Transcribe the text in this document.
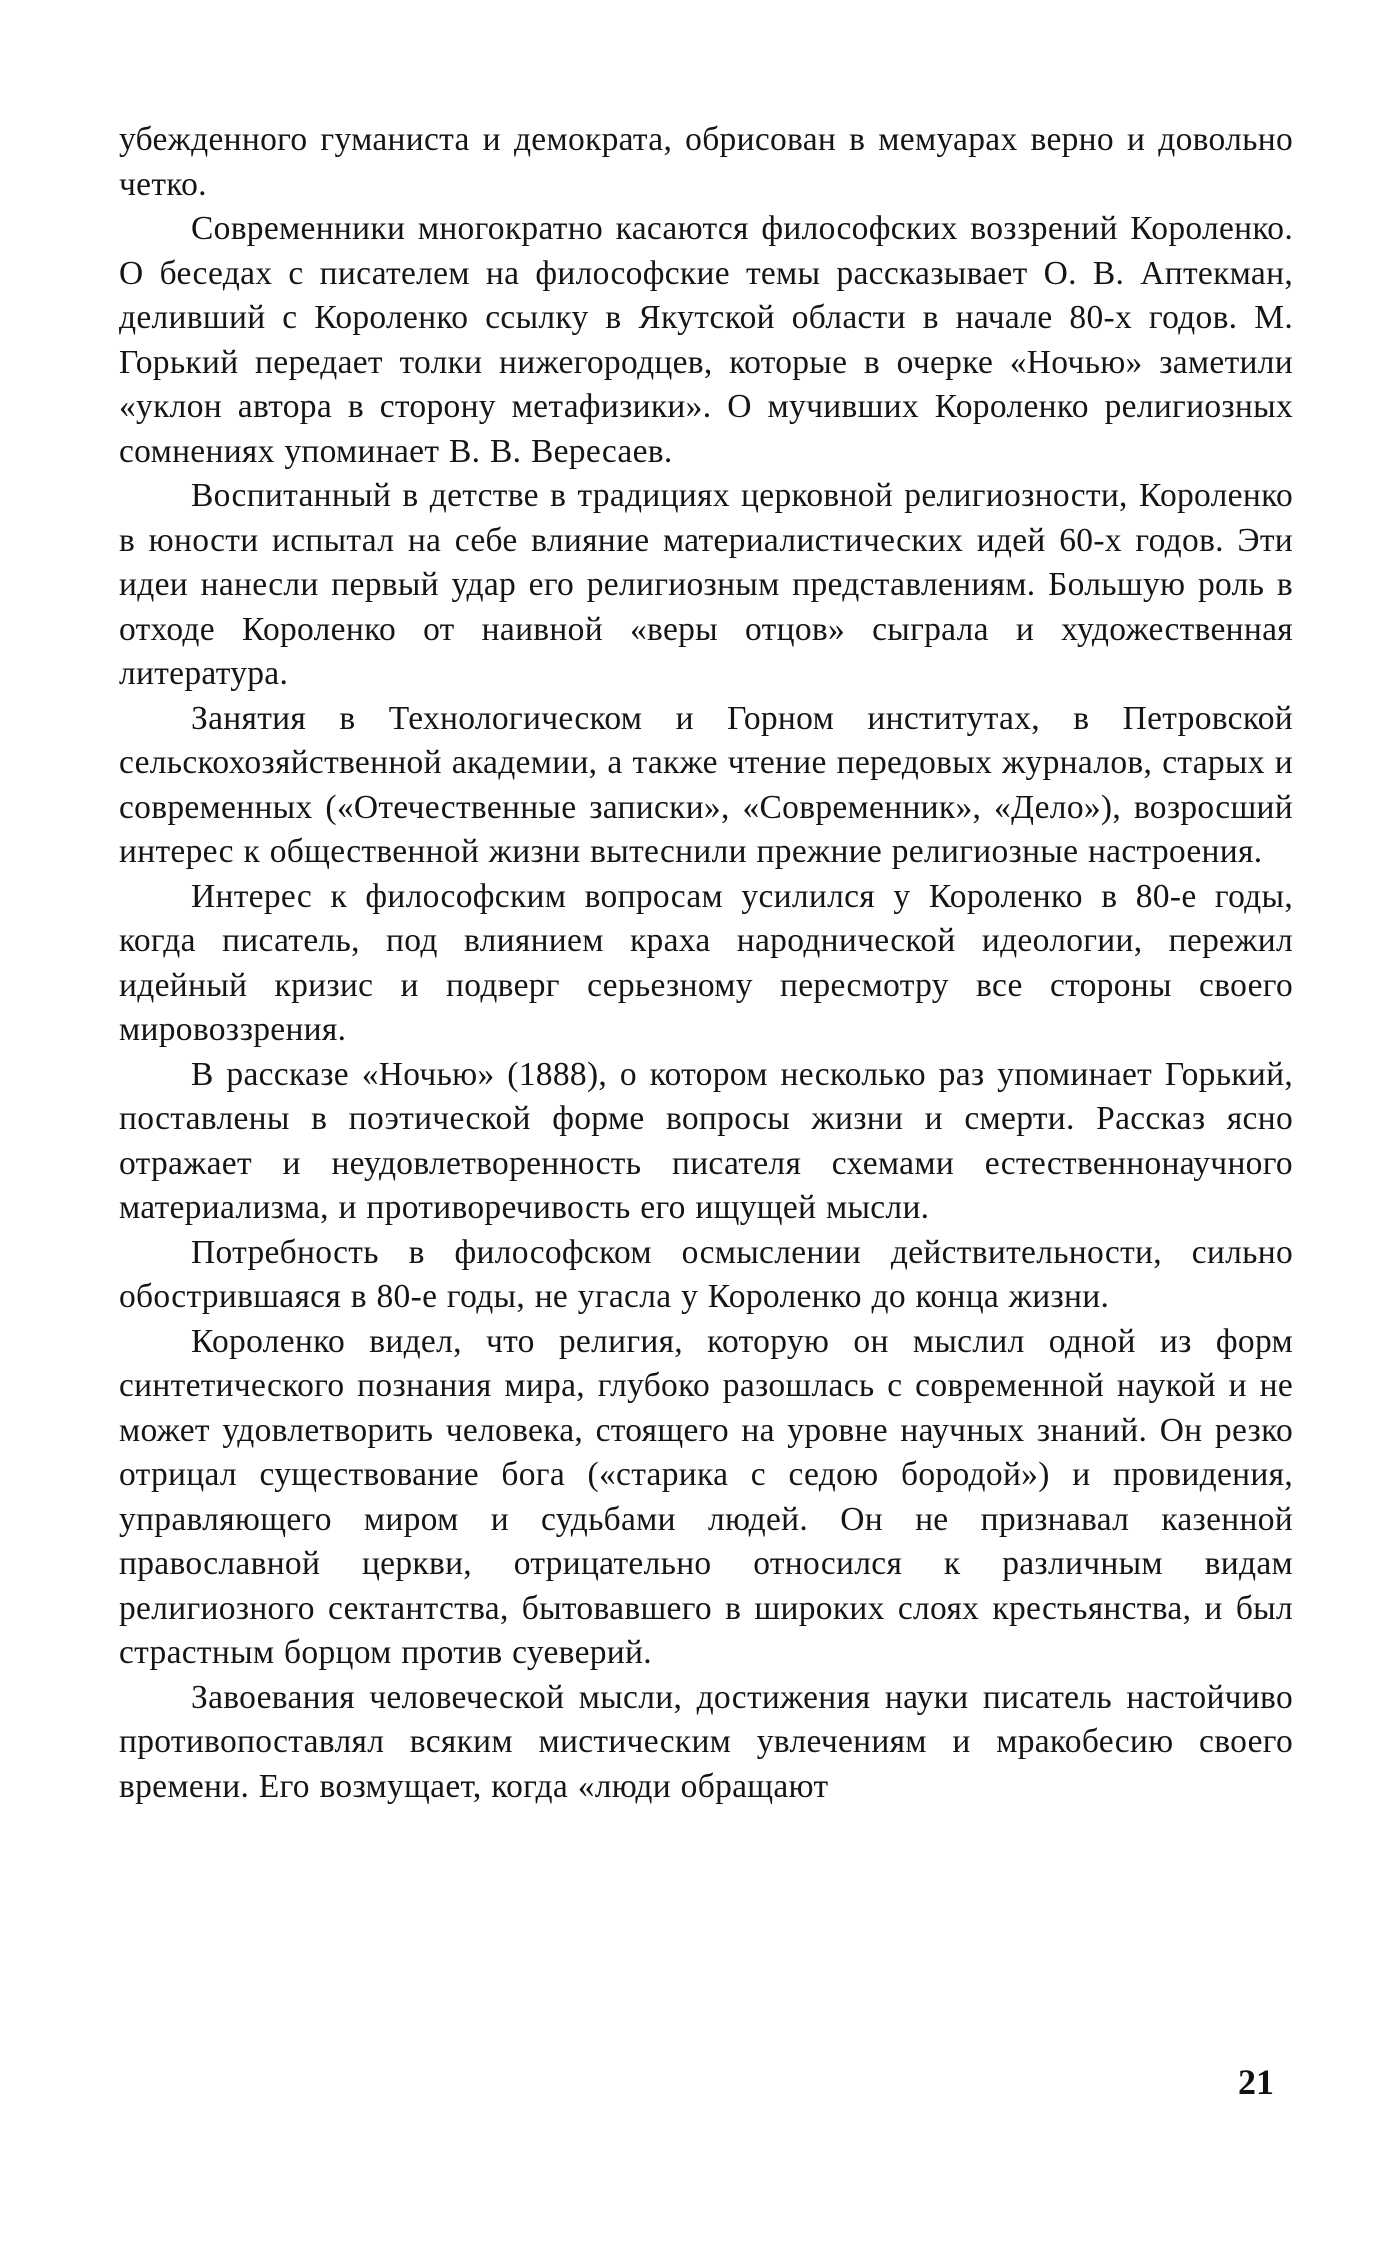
убежденного гуманиста и демократа, обрисован в мемуарах верно и довольно четко.

Современники многократно касаются философских воззрений Короленко. О беседах с писателем на философские темы рассказывает О. В. Аптекман, деливший с Короленко ссылку в Якутской области в начале 80-х годов. М. Горький передает толки нижегородцев, которые в очерке «Ночью» заметили «уклон автора в сторону метафизики». О мучивших Короленко религиозных сомнениях упоминает В. В. Вересаев.

Воспитанный в детстве в традициях церковной религиозности, Короленко в юности испытал на себе влияние материалистических идей 60-х годов. Эти идеи нанесли первый удар его религиозным представлениям. Большую роль в отходе Короленко от наивной «веры отцов» сыграла и художественная литература.

Занятия в Технологическом и Горном институтах, в Петровской сельскохозяйственной академии, а также чтение передовых журналов, старых и современных («Отечественные записки», «Современник», «Дело»), возросший интерес к общественной жизни вытеснили прежние религиозные настроения.

Интерес к философским вопросам усилился у Короленко в 80-е годы, когда писатель, под влиянием краха народнической идеологии, пережил идейный кризис и подверг серьезному пересмотру все стороны своего мировоззрения.

В рассказе «Ночью» (1888), о котором несколько раз упоминает Горький, поставлены в поэтической форме вопросы жизни и смерти. Рассказ ясно отражает и неудовлетворенность писателя схемами естественнонаучного материализма, и противоречивость его ищущей мысли.

Потребность в философском осмыслении действительности, сильно обострившаяся в 80-е годы, не угасла у Короленко до конца жизни.

Короленко видел, что религия, которую он мыслил одной из форм синтетического познания мира, глубоко разошлась с современной наукой и не может удовлетворить человека, стоящего на уровне научных знаний. Он резко отрицал существование бога («старика с седою бородой») и провидения, управляющего миром и судьбами людей. Он не признавал казенной православной церкви, отрицательно относился к различным видам религиозного сектантства, бытовавшего в широких слоях крестьянства, и был страстным борцом против суеверий.

Завоевания человеческой мысли, достижения науки писатель настойчиво противопоставлял всяким мистическим увлечениям и мракобесию своего времени. Его возмущает, когда «люди обращают

21
